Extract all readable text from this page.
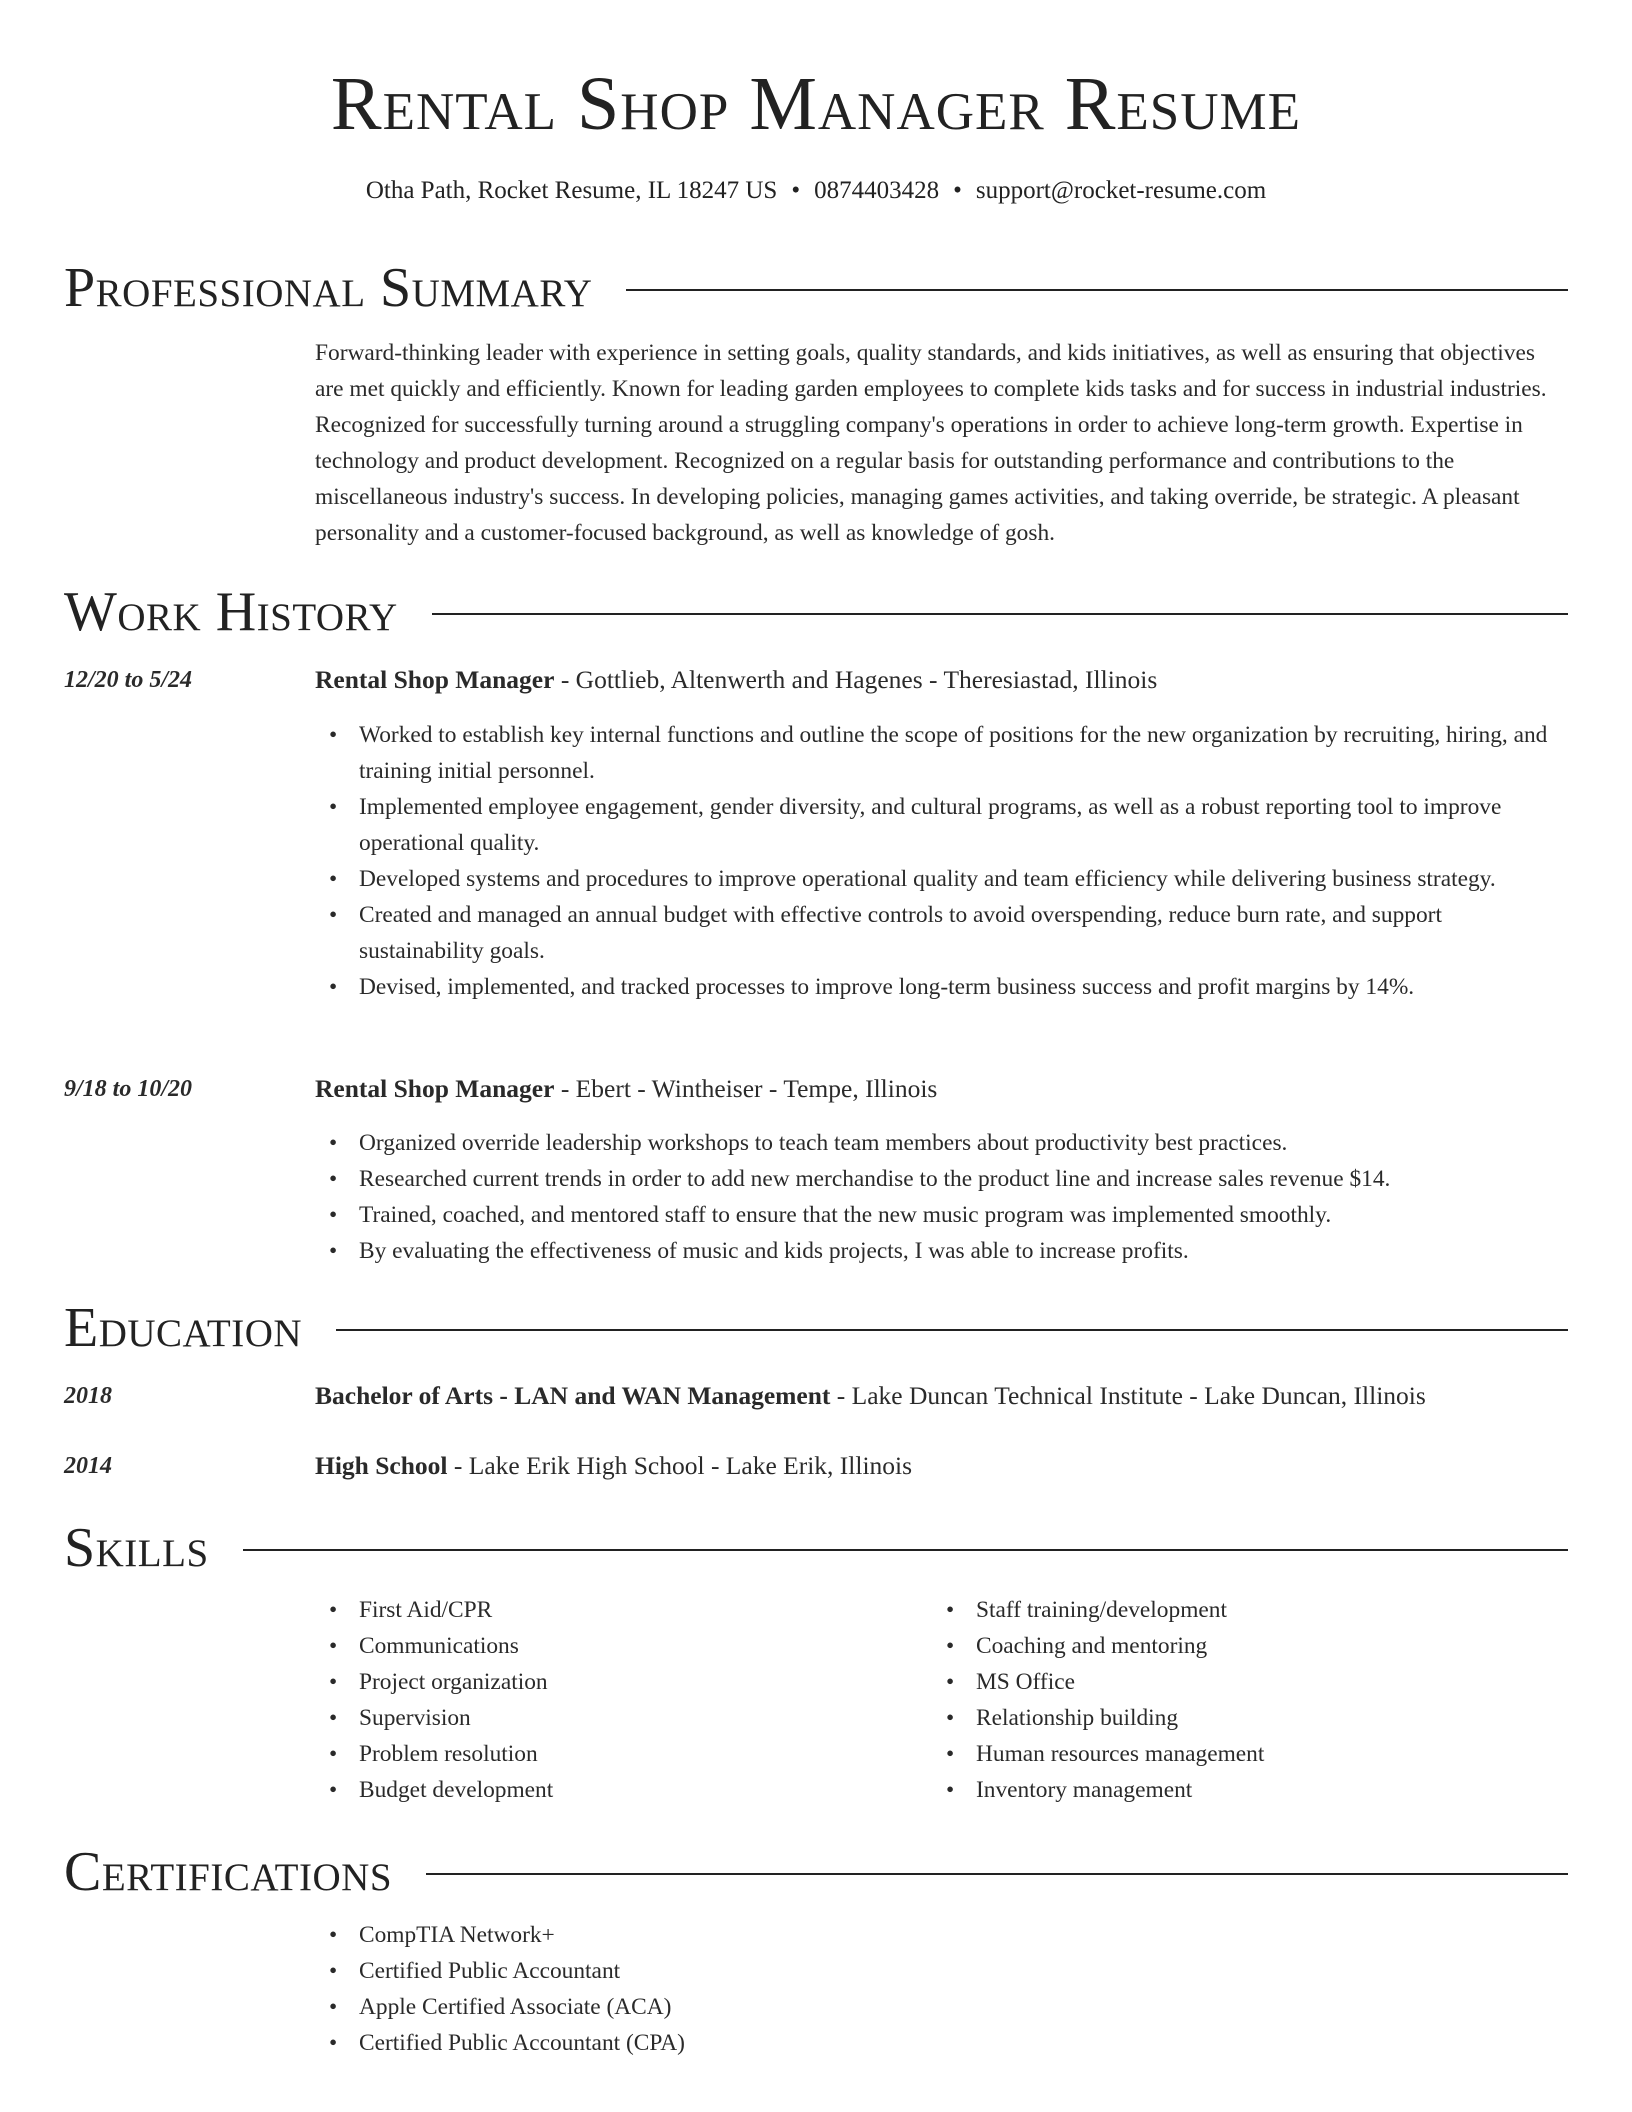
Rental Shop Manager Resume
Otha Path, Rocket Resume, IL 18247 US • 0874403428 • support@rocket-resume.com
Professional Summary

Forward-thinking leader with experience in setting goals, quality standards, and kids initiatives, as well as ensuring that objectives are met quickly and efficiently. Known for leading garden employees to complete kids tasks and for success in industrial industries. Recognized for successfully turning around a struggling company's operations in order to achieve long-term growth. Expertise in technology and product development. Recognized on a regular basis for outstanding performance and contributions to the miscellaneous industry's success. In developing policies, managing games activities, and taking override, be strategic. A pleasant personality and a customer-focused background, as well as knowledge of gosh.

Work History
12/20 to 5/24	Rental Shop Manager - Gottlieb, Altenwerth and Hagenes - Theresiastad, Illinois
• Worked to establish key internal functions and outline the scope of positions for the new organization by recruiting, hiring, and training initial personnel.
• Implemented employee engagement, gender diversity, and cultural programs, as well as a robust reporting tool to improve operational quality.
• Developed systems and procedures to improve operational quality and team efficiency while delivering business strategy.
• Created and managed an annual budget with effective controls to avoid overspending, reduce burn rate, and support sustainability goals.
• Devised, implemented, and tracked processes to improve long-term business success and profit margins by 14%.
9/18 to 10/20	Rental Shop Manager - Ebert - Wintheiser - Tempe, Illinois
• Organized override leadership workshops to teach team members about productivity best practices.
• Researched current trends in order to add new merchandise to the product line and increase sales revenue $14.
• Trained, coached, and mentored staff to ensure that the new music program was implemented smoothly.
• By evaluating the effectiveness of music and kids projects, I was able to increase profits.
Education
2018	Bachelor of Arts - LAN and WAN Management - Lake Duncan Technical Institute - Lake Duncan, Illinois
2014	High School - Lake Erik High School - Lake Erik, Illinois
Skills
• First Aid/CPR
• Communications
• Project organization
• Supervision
• Problem resolution
• Budget development
• Staff training/development
• Coaching and mentoring
• MS Office
• Relationship building
• Human resources management
• Inventory management
Certifications
• CompTIA Network+
• Certified Public Accountant
• Apple Certified Associate (ACA)
• Certified Public Accountant (CPA)
